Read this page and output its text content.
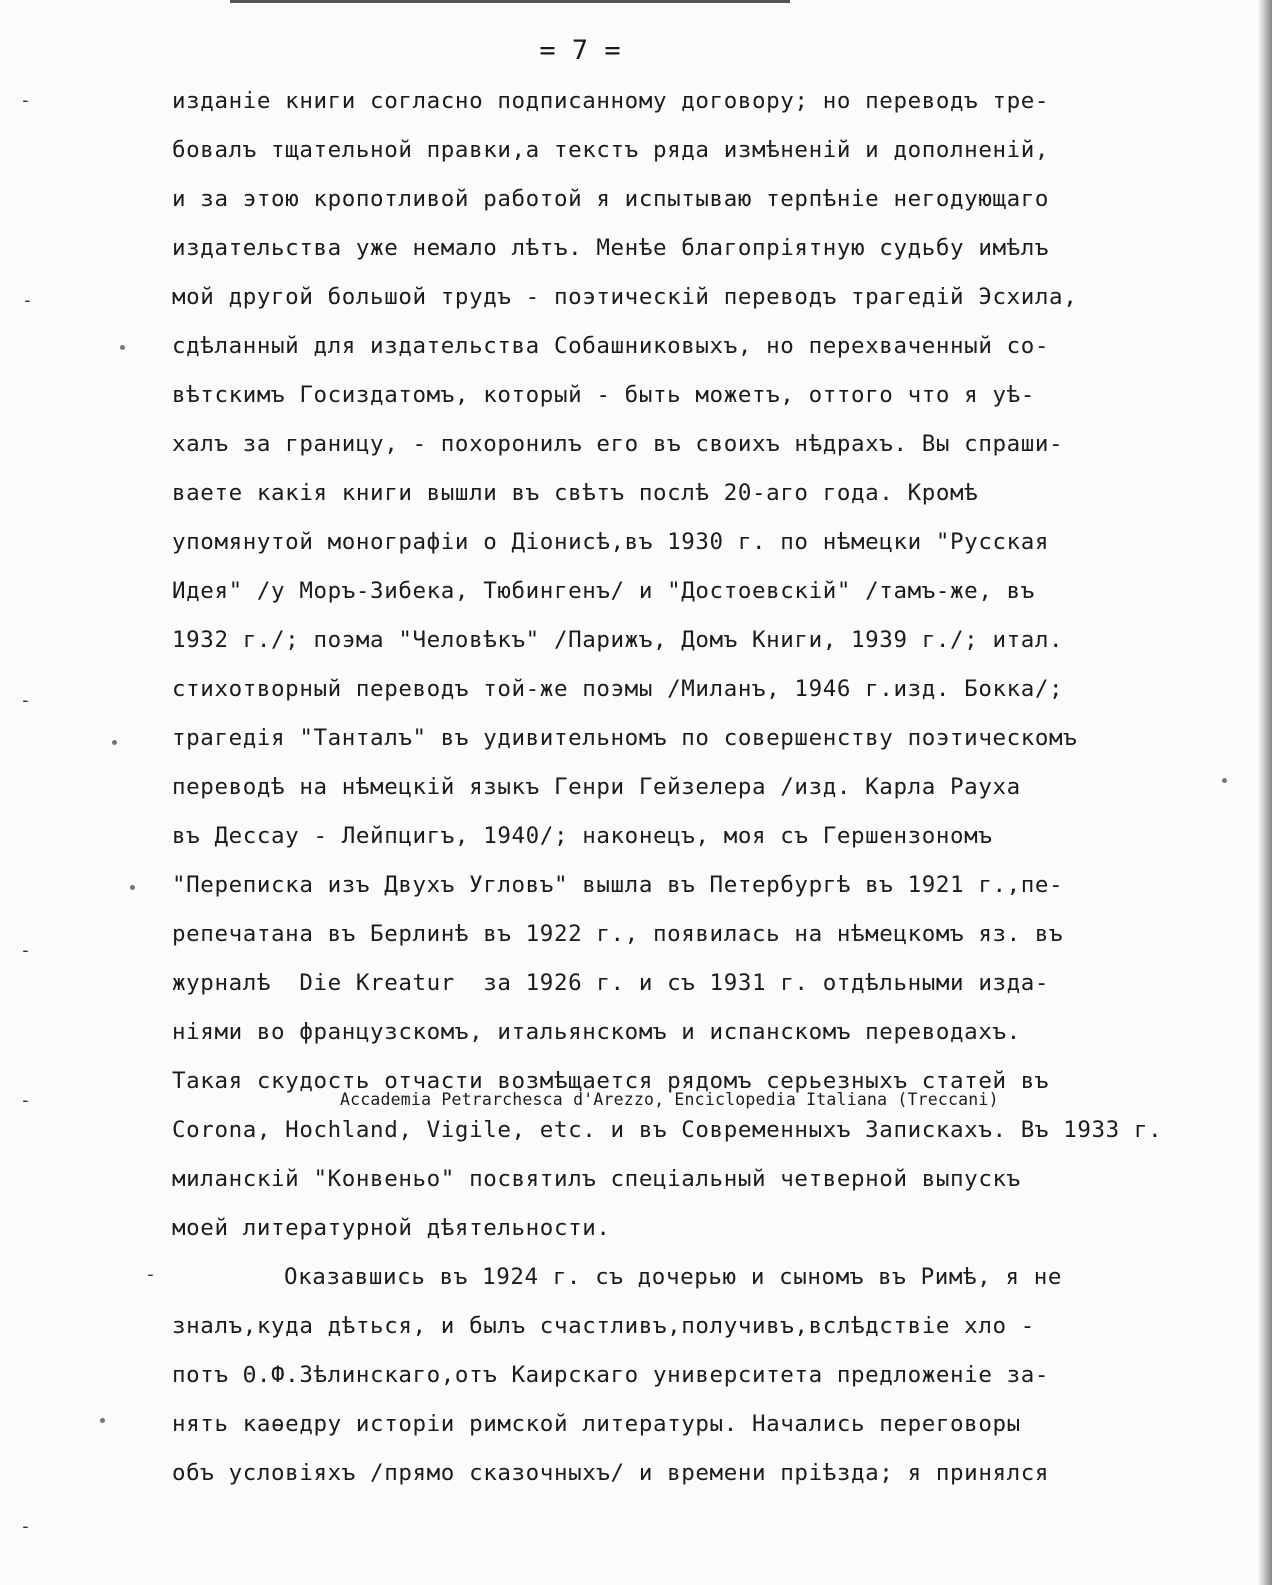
= 7 =
изданіе книги согласно подписанному договору; но переводъ тре-
бовалъ тщательной правки,а текстъ ряда измѣненій и дополненій,
и за этою кропотливой работой я испытываю терпѣніе негодующаго
издательства уже немало лѣтъ. Менѣе благопріятную судьбу имѣлъ
мой другой большой трудъ - поэтическій переводъ трагедій Эсхила,
сдѣланный для издательства Собашниковыхъ, но перехваченный со-
вѣтскимъ Госиздатомъ, который - быть можетъ, оттого что я уѣ-
халъ за границу, - похоронилъ его въ своихъ нѣдрахъ. Вы спраши-
ваете какія книги вышли въ свѣтъ послѣ 20-аго года. Кромѣ
упомянутой монографіи о Діонисѣ,въ 1930 г. по нѣмецки "Русская
Идея" /у Моръ-Зибека, Тюбингенъ/ и "Достоевскій" /тамъ-же, въ
1932 г./; поэма "Человѣкъ" /Парижъ, Домъ Книги, 1939 г./; итал.
стихотворный переводъ той-же поэмы /Миланъ, 1946 г.изд. Бокка/;
трагедія "Танталъ" въ удивительномъ по совершенству поэтическомъ
переводѣ на нѣмецкій языкъ Генри Гейзелера /изд. Карла Рауха
въ Дессау - Лейпцигъ, 1940/; наконецъ, моя съ Гершензономъ
"Переписка изъ Двухъ Угловъ" вышла въ Петербургѣ въ 1921 г.,пе-
репечатана въ Берлинѣ въ 1922 г., появилась на нѣмецкомъ яз. въ
журналѣ  Die Kreatur  за 1926 г. и съ 1931 г. отдѣльными изда-
ніями во французскомъ, итальянскомъ и испанскомъ переводахъ.
Такая скудость отчасти возмѣщается рядомъ серьезныхъ статей въ
Corona, Hochland, Vigile, etc. и въ Современныхъ Запискахъ. Въ 1933 г.
миланскій "Конвеньо" посвятилъ спеціальный четверной выпускъ
моей литературной дѣятельности.
Оказавшись въ 1924 г. съ дочерью и сыномъ въ Римѣ, я не
зналъ,куда дѣться, и былъ счастливъ,получивъ,вслѣдствіе хло -
потъ Θ.Ф.Зѣлинскаго,отъ Каирскаго университета предложеніе за-
нять каѳедру исторіи римской литературы. Начались переговоры
объ условіяхъ /прямо сказочныхъ/ и времени пріѣзда; я принялся
Accademia Petrarchesca d'Arezzo, Enciclopedia Italiana (Treccani)
-
-
-
-
-
-
-
